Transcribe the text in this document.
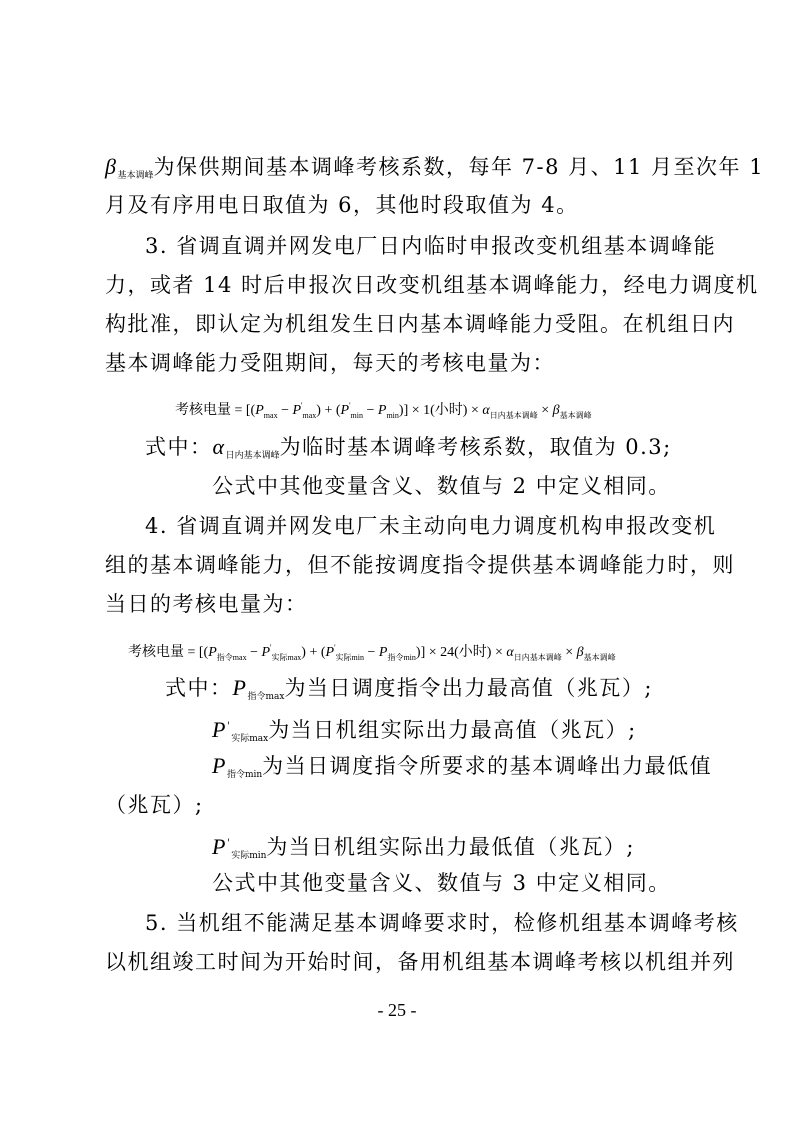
$\beta_{基本调峰}$为保供期间基本调峰考核系数，每年 7-8 月、11 月至次年 1
月及有序用电日取值为 6，其他时段取值为 4。
3. 省调直调并网发电厂日内临时申报改变机组基本调峰能
力，或者 14 时后申报次日改变机组基本调峰能力，经电力调度机
构批准，即认定为机组发生日内基本调峰能力受阻。在机组日内
基本调峰能力受阻期间，每天的考核电量为：
考核电量 = $[(P_{max} - P'_{max}) + (P'_{min} - P_{min})] \times 1$(小时) × $\alpha_{日内基本调峰} \times \beta_{基本调峰}$
式中：$\alpha_{日内基本调峰}$为临时基本调峰考核系数，取值为 0.3;
公式中其他变量含义、数值与 2 中定义相同。
4. 省调直调并网发电厂未主动向电力调度机构申报改变机
组的基本调峰能力，但不能按调度指令提供基本调峰能力时，则
当日的考核电量为：
考核电量 = $[(P_{指令max} - P'_{实际max}) + (P'_{实际min} - P_{指令min})] \times 24$(小时) × $\alpha_{日内基本调峰} \times \beta_{基本调峰}$
式中：$P_{指令max}$为当日调度指令出力最高值（兆瓦）;
$P'_{实际max}$为当日机组实际出力最高值（兆瓦）;
$P_{指令min}$为当日调度指令所要求的基本调峰出力最低值
（兆瓦）;
$P'_{实际min}$为当日机组实际出力最低值（兆瓦）;
公式中其他变量含义、数值与 3 中定义相同。
5. 当机组不能满足基本调峰要求时，检修机组基本调峰考核
以机组竣工时间为开始时间，备用机组基本调峰考核以机组并列
- 25 -
